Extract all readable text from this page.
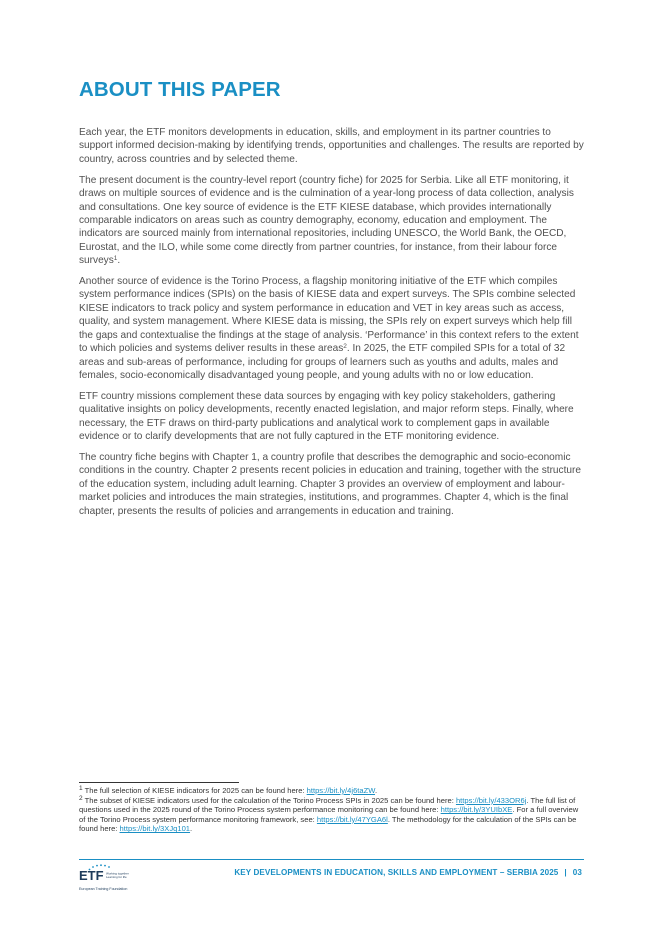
ABOUT THIS PAPER

Each year, the ETF monitors developments in education, skills, and employment in its partner countries to support informed decision-making by identifying trends, opportunities and challenges. The results are reported by country, across countries and by selected theme.

The present document is the country-level report (country fiche) for 2025 for Serbia. Like all ETF monitoring, it draws on multiple sources of evidence and is the culmination of a year-long process of data collection, analysis and consultations. One key source of evidence is the ETF KIESE database, which provides internationally comparable indicators on areas such as country demography, economy, education and employment. The indicators are sourced mainly from international repositories, including UNESCO, the World Bank, the OECD, Eurostat, and the ILO, while some come directly from partner countries, for instance, from their labour force surveys$^1$.

Another source of evidence is the Torino Process, a flagship monitoring initiative of the ETF which compiles system performance indices (SPIs) on the basis of KIESE data and expert surveys. The SPIs combine selected KIESE indicators to track policy and system performance in education and VET in key areas such as access, quality, and system management. Where KIESE data is missing, the SPIs rely on expert surveys which help fill the gaps and contextualise the findings at the stage of analysis. ‘Performance’ in this context refers to the extent to which policies and systems deliver results in these areas$^2$. In 2025, the ETF compiled SPIs for a total of 32 areas and sub-areas of performance, including for groups of learners such as youths and adults, males and females, socio-economically disadvantaged young people, and young adults with no or low education.

ETF country missions complement these data sources by engaging with key policy stakeholders, gathering qualitative insights on policy developments, recently enacted legislation, and major reform steps. Finally, where necessary, the ETF draws on third-party publications and analytical work to complement gaps in available evidence or to clarify developments that are not fully captured in the ETF monitoring evidence.

The country fiche begins with Chapter 1, a country profile that describes the demographic and socio-economic conditions in the country. Chapter 2 presents recent policies in education and training, together with the structure of the education system, including adult learning. Chapter 3 provides an overview of employment and labour-market policies and introduces the main strategies, institutions, and programmes. Chapter 4, which is the final chapter, presents the results of policies and arrangements in education and training.

$^1$ The full selection of KIESE indicators for 2025 can be found here: https://bit.ly/4j6taZW.

$^2$ The subset of KIESE indicators used for the calculation of the Torino Process SPIs in 2025 can be found here: https://bit.ly/433OR6j. The full list of questions used in the 2025 round of the Torino Process system performance monitoring can be found here: https://bit.ly/3YUIbXE. For a full overview of the Torino Process system performance monitoring framework, see: https://bit.ly/47YGA6l. The methodology for the calculation of the SPIs can be found here: https://bit.ly/3XJq101.

ETF Working together
Learning for life
European Training Foundation
KEY DEVELOPMENTS IN EDUCATION, SKILLS AND EMPLOYMENT – SERBIA 2025 | 03
